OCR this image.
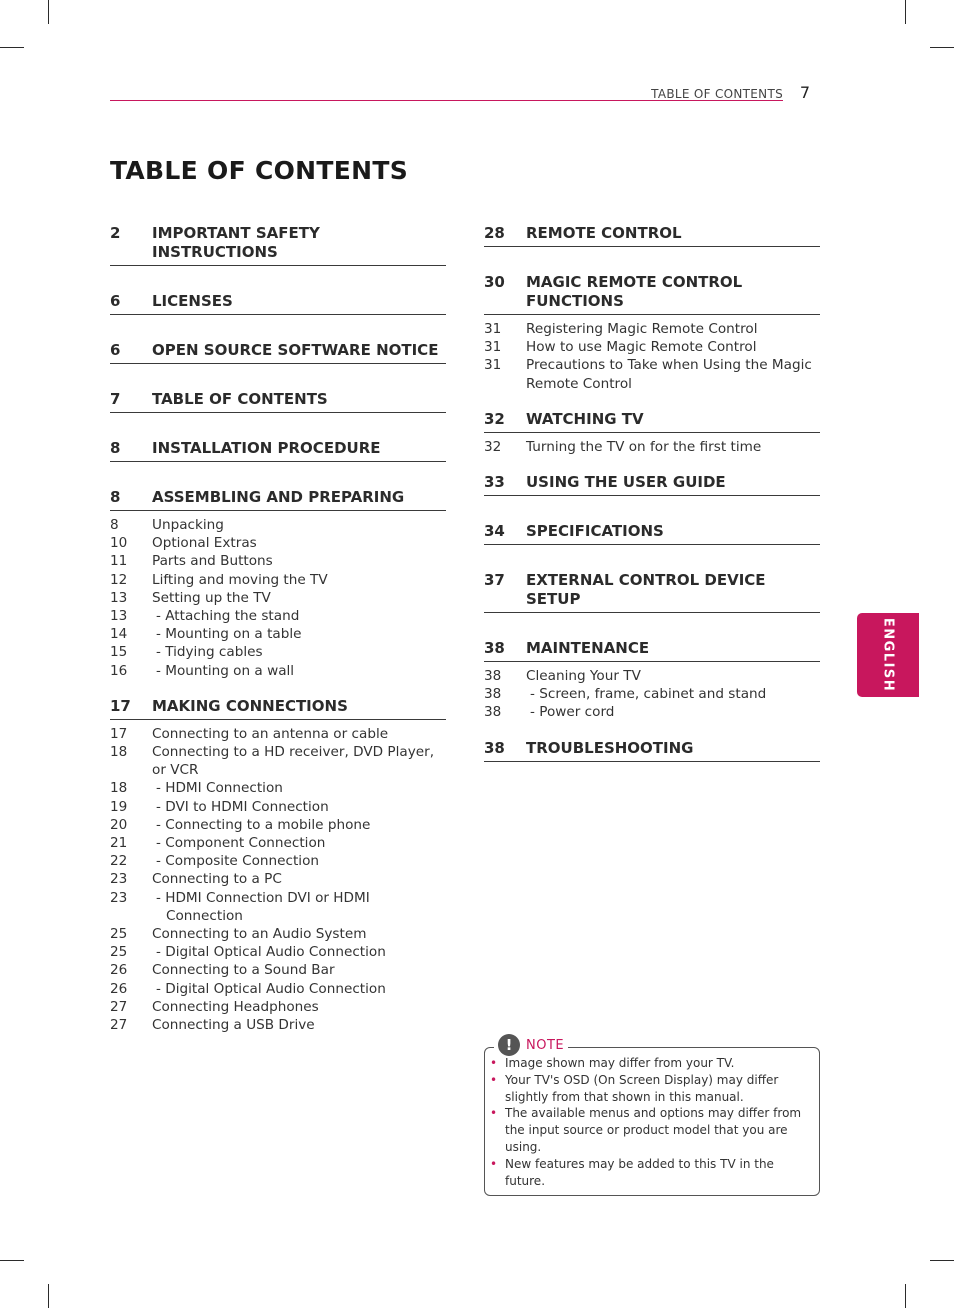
TABLE OF CONTENTS	7
TABLE OF CONTENTS
2	IMPORTANT SAFETY INSTRUCTIONS
6	LICENSES
6	OPEN SOURCE SOFTWARE NOTICE
7	TABLE OF CONTENTS
8	INSTALLATION PROCEDURE
8	ASSEMBLING AND PREPARING
8	Unpacking
10	Optional Extras
11	Parts and Buttons
12	Lifting and moving the TV
13	Setting up the TV
13	- Attaching the stand
14	- Mounting on a table
15	- Tidying cables
16	- Mounting on a wall
17	MAKING CONNECTIONS
17	Connecting to an antenna or cable
18	Connecting to a HD receiver, DVD Player, or VCR
18	- HDMI Connection
19	- DVI to HDMI Connection
20	- Connecting to a mobile phone
21	- Component Connection
22	- Composite Connection
23	Connecting to a PC
23	- HDMI Connection DVI or HDMI Connection
25	Connecting to an Audio System
25	- Digital Optical Audio Connection
26	Connecting to a Sound Bar
26	- Digital Optical Audio Connection
27	Connecting Headphones
27	Connecting a USB Drive
28	REMOTE CONTROL
30	MAGIC REMOTE CONTROL FUNCTIONS
31	Registering Magic Remote Control
31	How to use Magic Remote Control
31	Precautions to Take when Using the Magic Remote Control
32	WATCHING TV
32	Turning the TV on for the first time
33	USING THE USER GUIDE
34	SPECIFICATIONS
37	EXTERNAL CONTROL DEVICE SETUP
38	MAINTENANCE
38	Cleaning Your TV
38	- Screen, frame, cabinet and stand
38	- Power cord
38	TROUBLESHOOTING
ENGLISH
!	NOTE
• Image shown may differ from your TV.
• Your TV's OSD (On Screen Display) may differ slightly from that shown in this manual.
• The available menus and options may differ from the input source or product model that you are using.
• New features may be added to this TV in the future.
